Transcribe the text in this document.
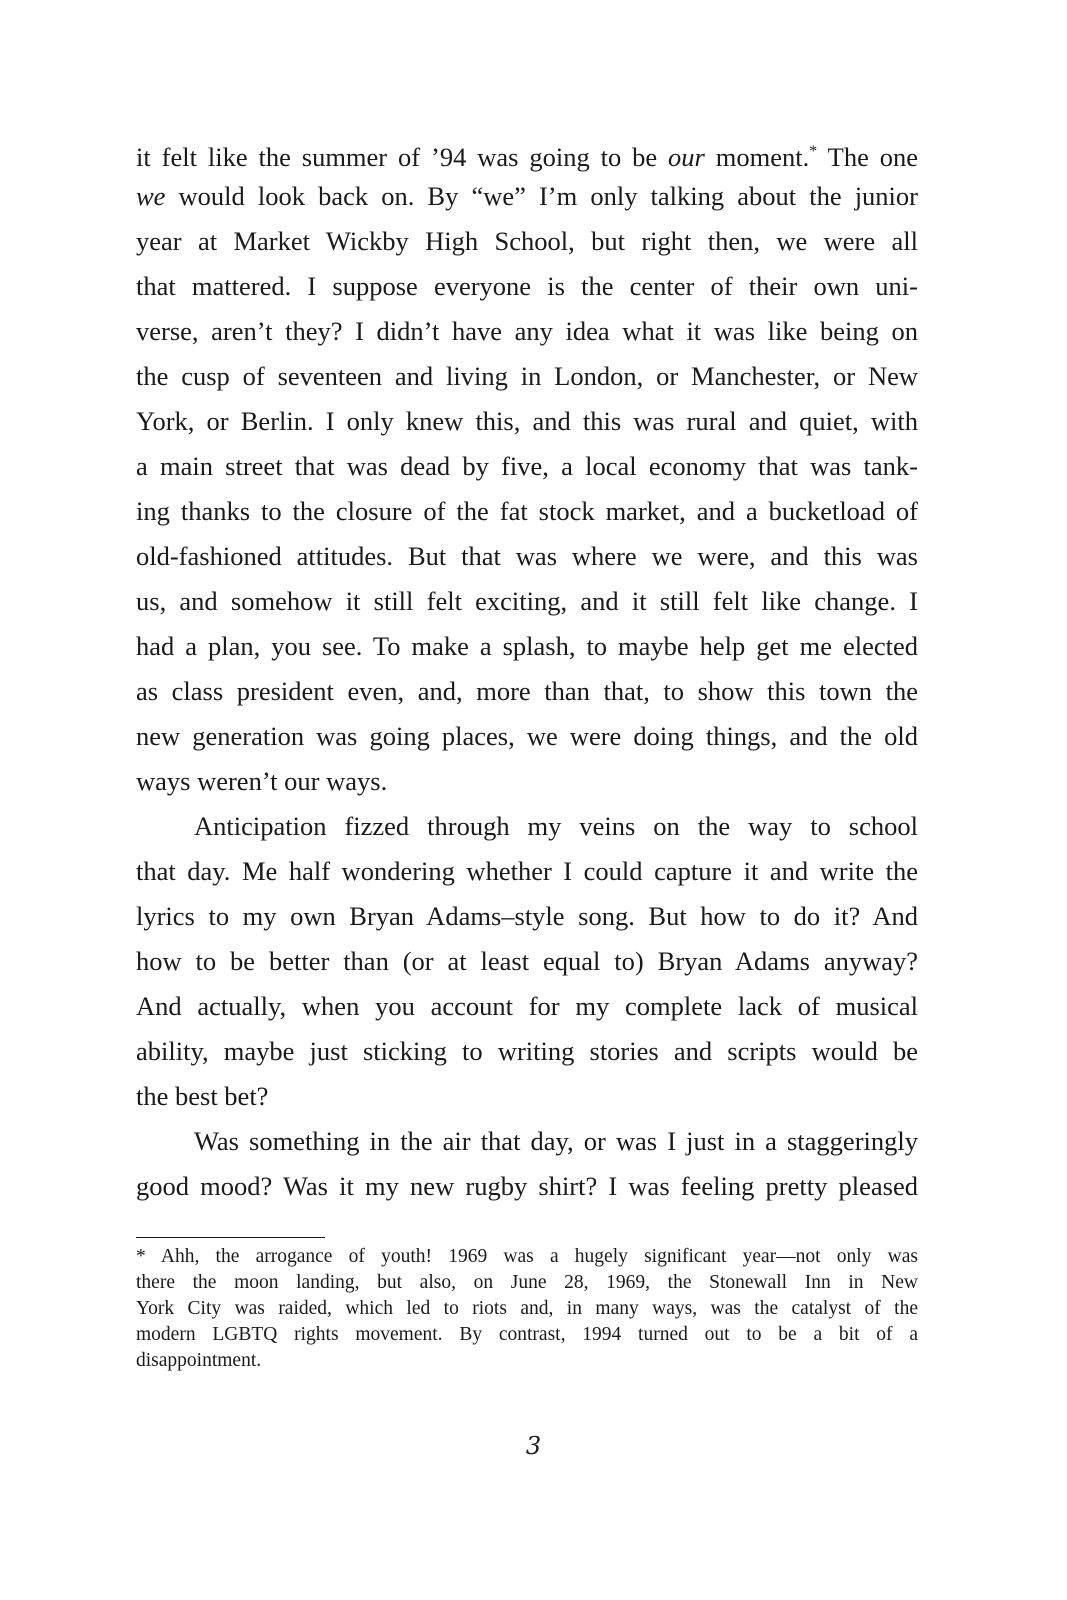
it felt like the summer of ’94 was going to be our moment.* The one
we would look back on. By “we” I’m only talking about the junior
year at Market Wickby High School, but right then, we were all
that mattered. I suppose everyone is the center of their own uni-
verse, aren’t they? I didn’t have any idea what it was like being on
the cusp of seventeen and living in London, or Manchester, or New
York, or Berlin. I only knew this, and this was rural and quiet, with
a main street that was dead by five, a local economy that was tank-
ing thanks to the closure of the fat stock market, and a bucketload of
old-fashioned attitudes. But that was where we were, and this was
us, and somehow it still felt exciting, and it still felt like change. I
had a plan, you see. To make a splash, to maybe help get me elected
as class president even, and, more than that, to show this town the
new generation was going places, we were doing things, and the old
ways weren’t our ways.
Anticipation fizzed through my veins on the way to school
that day. Me half wondering whether I could capture it and write the
lyrics to my own Bryan Adams–style song. But how to do it? And
how to be better than (or at least equal to) Bryan Adams anyway?
And actually, when you account for my complete lack of musical
ability, maybe just sticking to writing stories and scripts would be
the best bet?
Was something in the air that day, or was I just in a staggeringly
good mood? Was it my new rugby shirt? I was feeling pretty pleased
* Ahh, the arrogance of youth! 1969 was a hugely significant year—not only was
there the moon landing, but also, on June 28, 1969, the Stonewall Inn in New
York City was raided, which led to riots and, in many ways, was the catalyst of the
modern LGBTQ rights movement. By contrast, 1994 turned out to be a bit of a
disappointment.
3
